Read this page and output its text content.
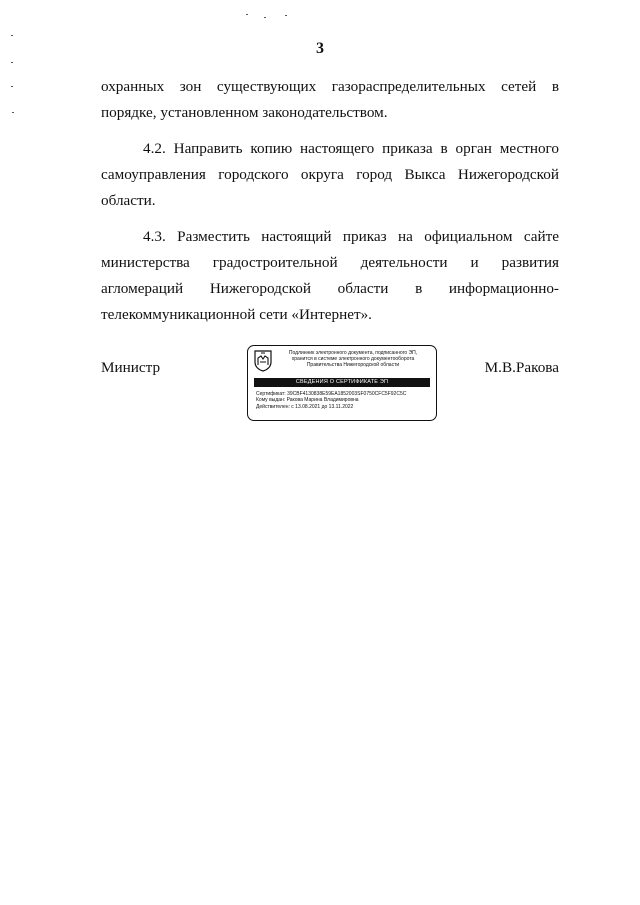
3

охранных зон существующих газораспределительных сетей в порядке, установленном законодательством.

4.2. Направить копию настоящего приказа в орган местного самоуправления городского округа город Выкса Нижегородской области.

4.3. Разместить настоящий приказ на официальном сайте министерства градостроительной деятельности и развития агломераций Нижегородской области в информационно-телекоммуникационной сети «Интернет».

Министр
Подлинник электронного документа, подписанного ЭП,
хранится в системе электронного документооборота
Правительства Нижегородской области
СВЕДЕНИЯ О СЕРТИФИКАТЕ ЭП
Сертификат: 39CBF4130838E59EA1852003SF0750CFC5F92C5C
Кому выдан: Ракова Марина Владимировна
Действителен: с 13.08.2021 до 13.11.2022
М.В.Ракова
